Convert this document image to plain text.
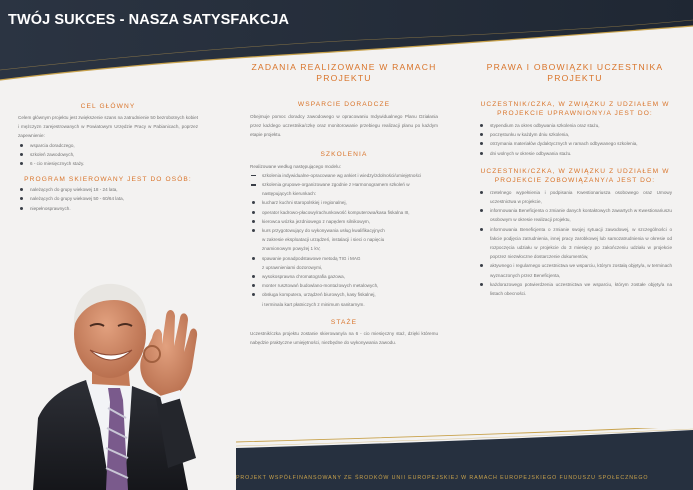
TWÓJ SUKCES - NASZA SATYSFAKCJA
CEL GŁÓWNY

Celem głównym projektu jest zwiększenie szans na zatrudnienie 50 bezrobotnych kobiet i mężczyzn zarejestrowanych w Powiatowym Urzędzie Pracy w Pabianicach, poprzez zapewnienie:

wsparcia doradczego,
szkoleń zawodowych,
6 - cio miesięcznych staży.
PROGRAM SKIEROWANY JEST DO OSÓB:
należących do grupy wiekowej 18 - 24 lata,
należących do grupy wiekowej 50 - 60/64 lata,
niepełnosprawnych.
ZADANIA REALIZOWANE W RAMACH PROJEKTU
WSPARCIE DORADCZE

Obejmuje pomoc doradcy zawodowego w opracowaniu Indywidualnego Planu Działania przez każdego uczestnika/czkę oraz monitorowanie przebiegu realizacji planu po każdym etapie projektu.

SZKOLENIA

Realizowane według następującego modelu:

szkolenia indywidualne-opracowane wg ankiet i wiedzy/zdolności/umiejętności
szkolenia grupowe-organizowane zgodnie z Harmonogramem szkoleń w następujących kierunkach:
kucharz kuchni staropolskiej i regionalnej,
operator kadrowo-płacowy/rachunkowość komputerowa/kasa fiskalna III,
kierowca wózka jezdniowego z napędem silnikowym,
kurs przygotowujący do wykonywania usług kwalifikacyjnych
w zakresie eksploatacji urządzeń, instalacji i sieci o napięciu
znamionowym powyżej 1 kV,
spawanie ponadpodstawowe metodą TIG i MAG
z uprawnieniami dozorowymi,
wysokosprawna chromatografia gazowa,
monter rusztowań budowlano-montażowych metalowych,
obsługa komputera, urządzeń biurowych, kasy fiskalnej,
i terminala kart płatniczych z minimum sanitarnym.
STAŻE

Uczestnik/czka projektu zostanie skierowany/a na 6 - cio miesięczny staż, dzięki któremu nabędzie praktyczne umiejętności, niezbędne do wykonywania zawodu.

PRAWA I OBOWIĄZKI UCZESTNIKA PROJEKTU
UCZESTNIK/CZKA, W ZWIĄZKU Z UDZIAŁEM W PROJEKCIE UPRAWNIONY/A JEST DO:
stypendium za okres odbywania szkolenia oraz stażu,
poczęstunku w każdym dniu szkolenia,
otrzymania materiałów dydaktycznych w ramach odbywanego szkolenia,
dni wolnych w okresie odbywania stażu.
UCZESTNIK/CZKA, W ZWIĄZKU Z UDZIAŁEM W PROJEKCIE ZOBOWIĄZANY/A JEST DO:
rzetelnego wypełnienia i podpisania Kwestionariusza osobowego oraz Umowy uczestnictwa w projekcie,
informowania Beneficjenta o zmianie danych kontaktowych zawartych w Kwestionariuszu osobowym w okresie realizacji projektu,
informowania Beneficjenta o zmianie swojej sytuacji zawodowej, w szczególności o fakcie podjęcia zatrudnienia, innej pracy zarobkowej lub samozatrudnienia w okresie od rozpoczęcia udziału w projekcie do 3 miesięcy po zakończeniu udziału w projekcie poprzez niezwłoczne dostarczenie dokumentów,
aktywnego i regularnego uczestnictwa we wsparciu, którym zostałą objęty/a, w terminach wyznaczonych przez Beneficjenta,
każdorazowego potwierdzenia uczestnictwa we wsparciu, którym zostałe objęty/a na listach obecności.
PROJEKT WSPÓŁFINANSOWANY ZE ŚRODKÓW UNII EUROPEJSKIEJ W RAMACH EUROPEJSKIEGO FUNDUSZU SPOŁECZNEGO
